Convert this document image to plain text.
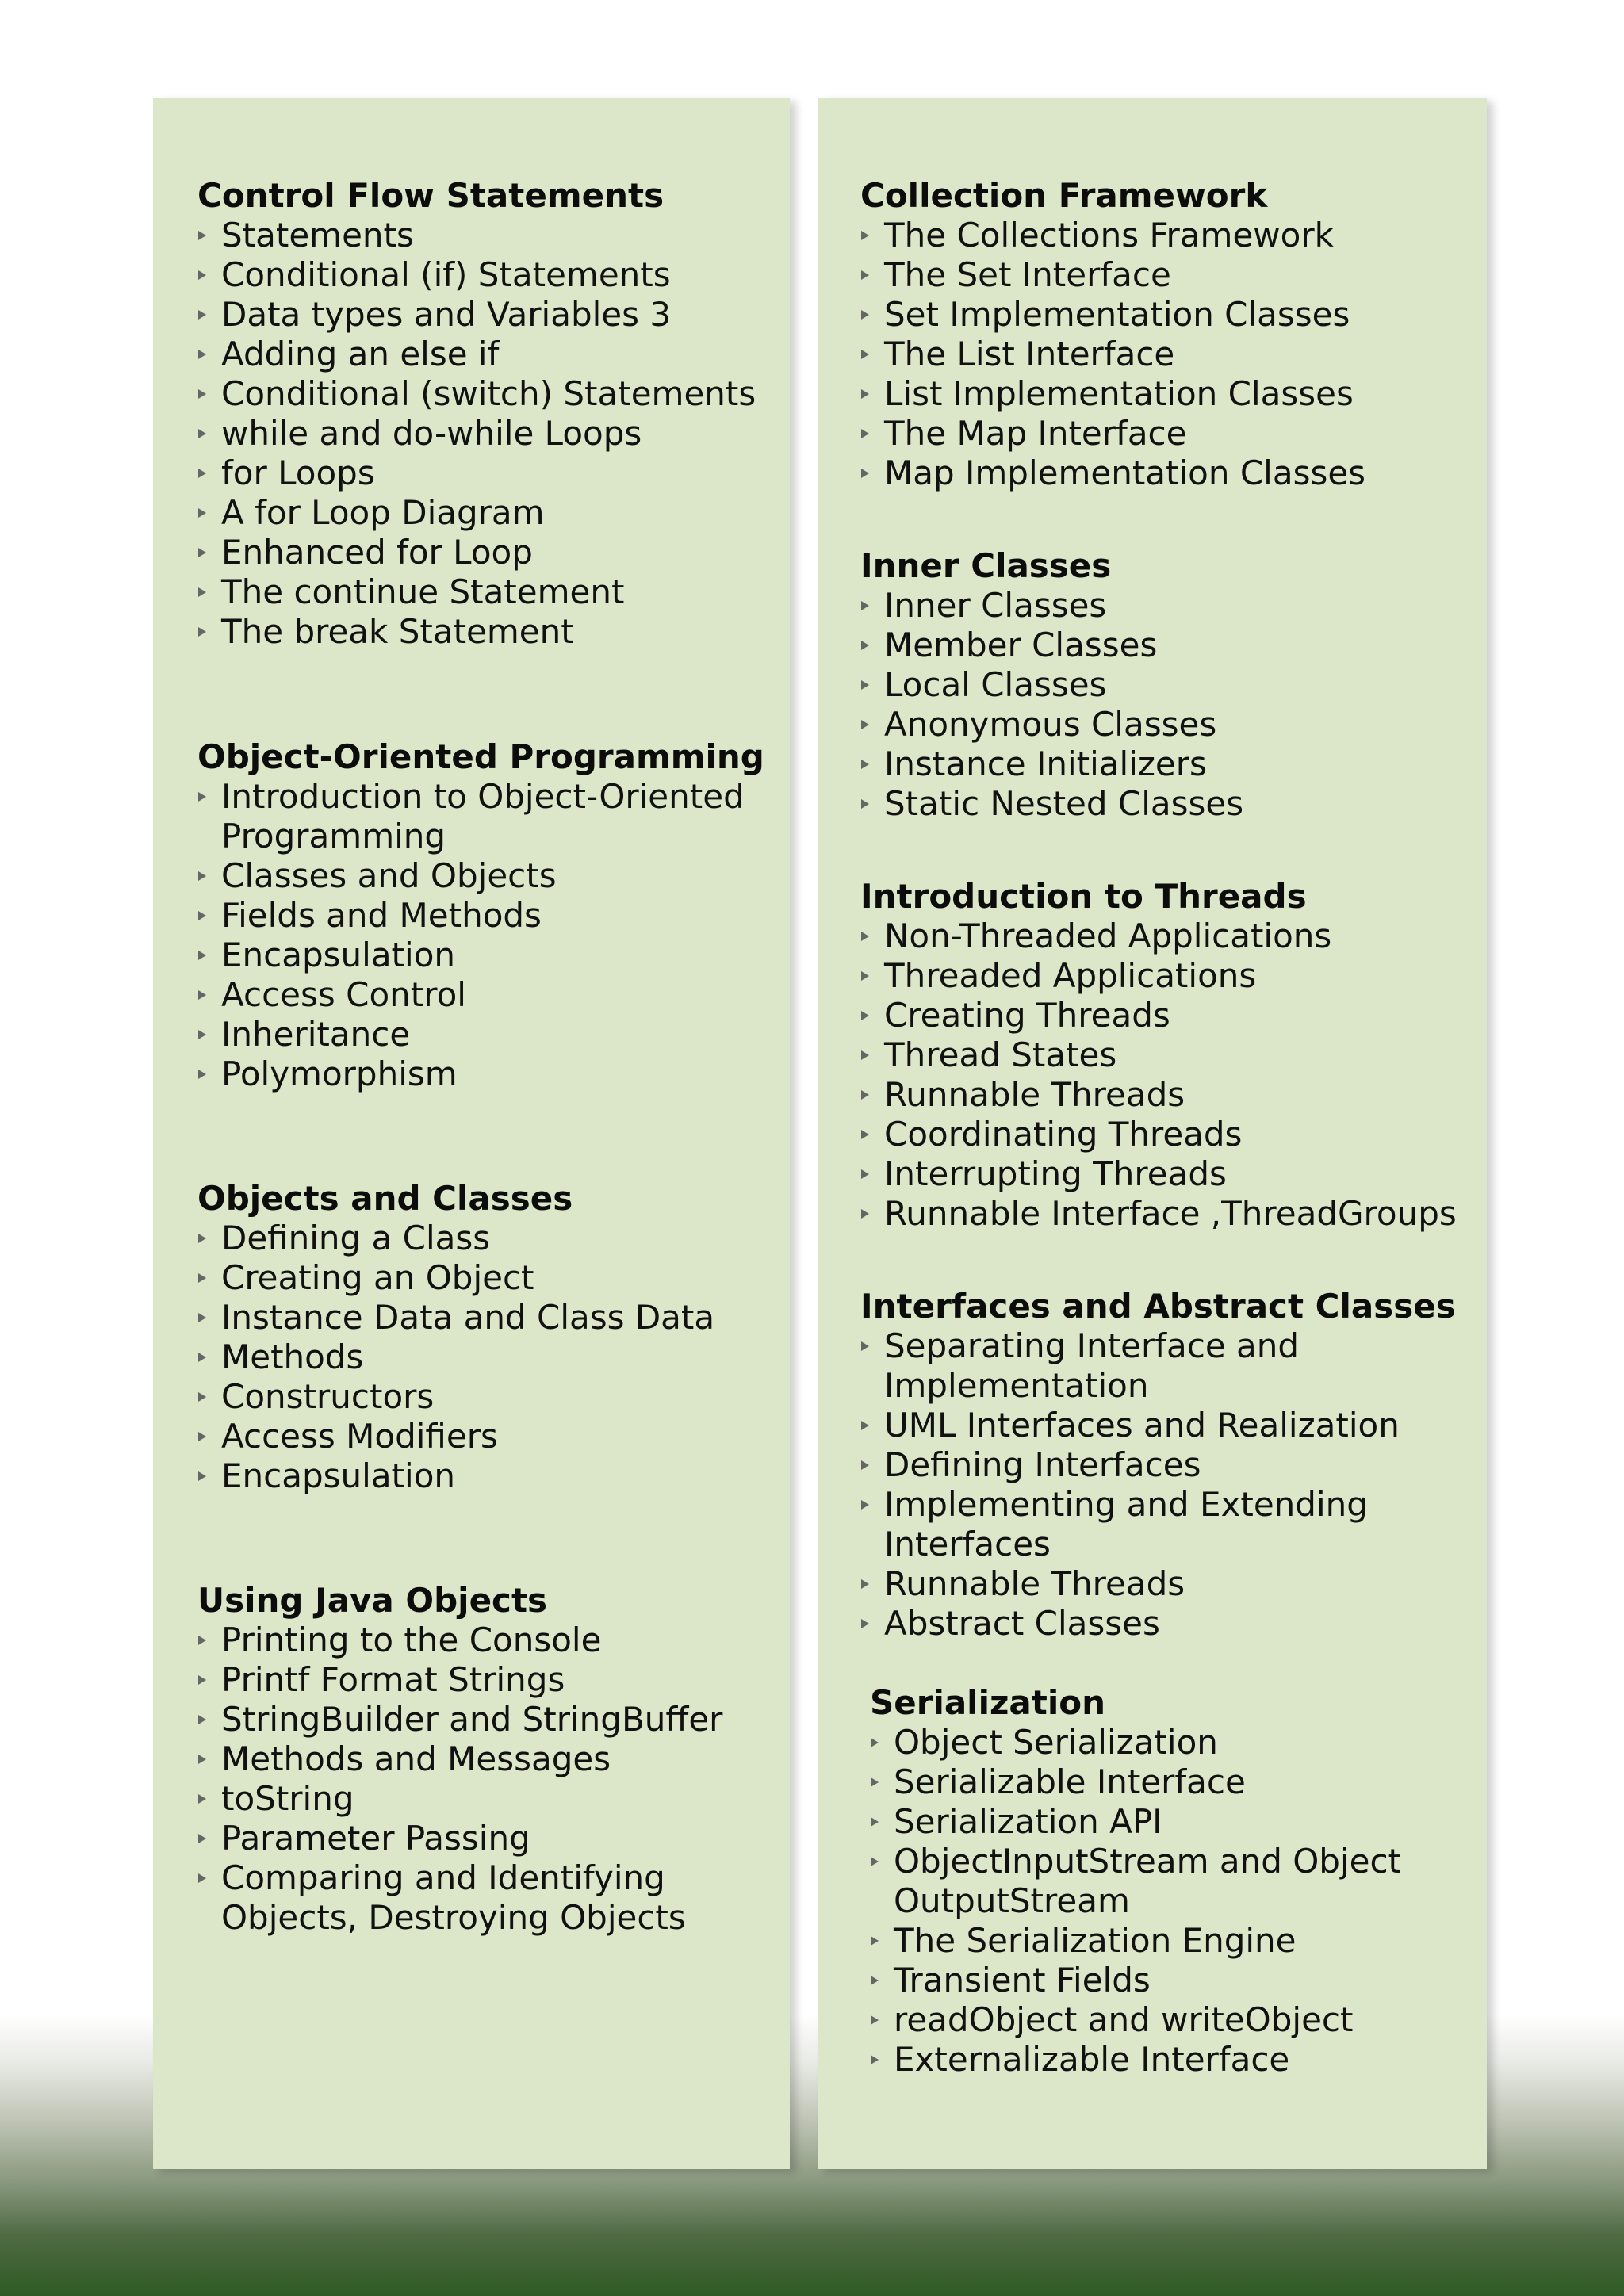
Control Flow Statements
Statements
Conditional (if) Statements
Data types and Variables 3
Adding an else if
Conditional (switch) Statements
while and do-while Loops
for Loops
A for Loop Diagram
Enhanced for Loop
The continue Statement
The break Statement
Object-Oriented Programming
Introduction to Object-Oriented Programming
Classes and Objects
Fields and Methods
Encapsulation
Access Control
Inheritance
Polymorphism
Objects and Classes
Defining a Class
Creating an Object
Instance Data and Class Data
Methods
Constructors
Access Modifiers
Encapsulation
Using Java Objects
Printing to the Console
Printf Format Strings
StringBuilder and StringBuffer
Methods and Messages
toString
Parameter Passing
Comparing and Identifying Objects, Destroying Objects
Collection Framework
The Collections Framework
The Set Interface
Set Implementation Classes
The List Interface
List Implementation Classes
The Map Interface
Map Implementation Classes
Inner Classes
Inner Classes
Member Classes
Local Classes
Anonymous Classes
Instance Initializers
Static Nested Classes
Introduction to Threads
Non-Threaded Applications
Threaded Applications
Creating Threads
Thread States
Runnable Threads
Coordinating Threads
Interrupting Threads
Runnable Interface ,ThreadGroups
Interfaces and Abstract Classes
Separating Interface and Implementation
UML Interfaces and Realization
Defining Interfaces
Implementing and Extending Interfaces
Runnable Threads
Abstract Classes
Serialization
Object Serialization
Serializable Interface
Serialization API
ObjectInputStream and Object OutputStream
The Serialization Engine
Transient Fields
readObject and writeObject
Externalizable Interface
